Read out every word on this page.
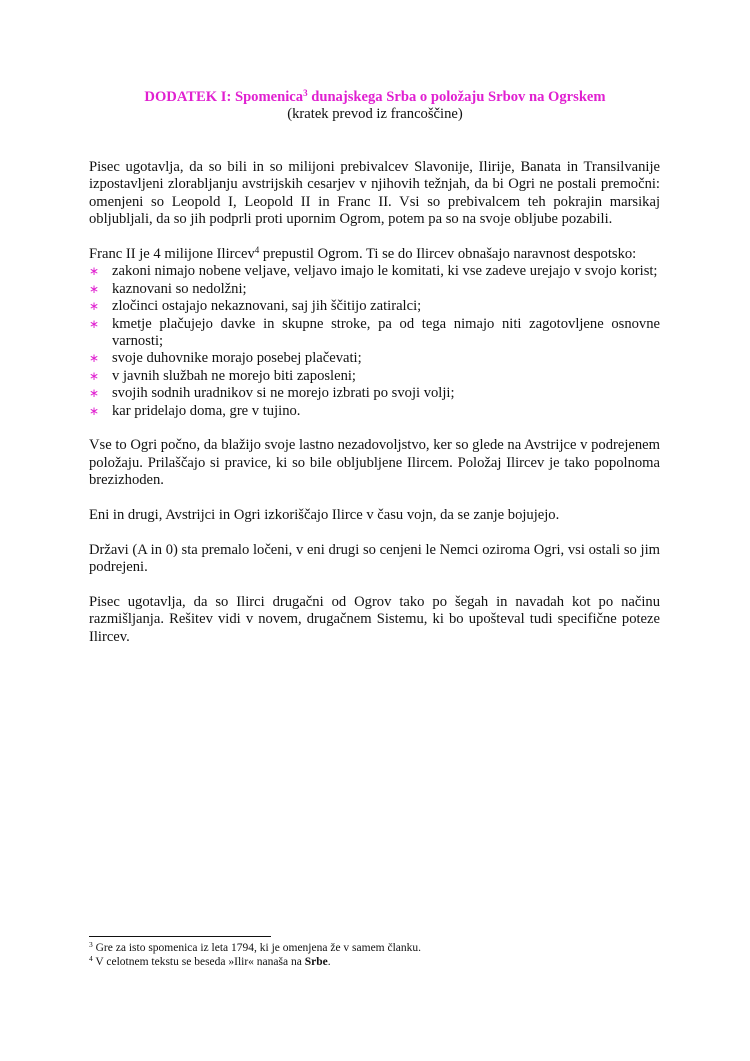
DODATEK I: Spomenica$^3$ dunajskega Srba o položaju Srbov na Ogrskem
(kratek prevod iz francoščine)

Pisec ugotavlja, da so bili in so milijoni prebivalcev Slavonije, Ilirije, Banata in Transilvanije izpostavljeni zlorabljanju avstrijskih cesarjev v njihovih težnjah, da bi Ogri ne postali premočni: omenjeni so Leopold I, Leopold II in Franc II. Vsi so prebivalcem teh pokrajin marsikaj obljubljali, da so jih podprli proti upornim Ogrom, potem pa so na svoje obljube pozabili.

Franc II je 4 milijone Ilircev$^4$ prepustil Ogrom. Ti se do Ilircev obnašajo naravnost despotsko:

∗ zakoni nimajo nobene veljave, veljavo imajo le komitati, ki vse zadeve urejajo v svojo korist;
∗ kaznovani so nedolžni;
∗ zločinci ostajajo nekaznovani, saj jih ščitijo zatiralci;
∗ kmetje plačujejo davke in skupne stroke, pa od tega nimajo niti zagotovljene osnovne varnosti;
∗ svoje duhovnike morajo posebej plačevati;
∗ v javnih službah ne morejo biti zaposleni;
∗ svojih sodnih uradnikov si ne morejo izbrati po svoji volji;
∗ kar pridelajo doma, gre v tujino.

Vse to Ogri počno, da blažijo svoje lastno nezadovoljstvo, ker so glede na Avstrijce v podrejenem položaju. Prilaščajo si pravice, ki so bile obljubljene Ilircem. Položaj Ilircev je tako popolnoma brezizhoden.

Eni in drugi, Avstrijci in Ogri izkoriščajo Ilirce v času vojn, da se zanje bojujejo.

Državi (A in 0) sta premalo ločeni, v eni drugi so cenjeni le Nemci oziroma Ogri, vsi ostali so jim podrejeni.

Pisec ugotavlja, da so Ilirci drugačni od Ogrov tako po šegah in navadah kot po načinu razmišljanja. Rešitev vidi v novem, drugačnem Sistemu, ki bo upošteval tudi specifične poteze Ilircev.

$^3$ Gre za isto spomenica iz leta 1794, ki je omenjena že v samem članku.
$^4$ V celotnem tekstu se beseda »Ilir« nanaša na Srbe.
